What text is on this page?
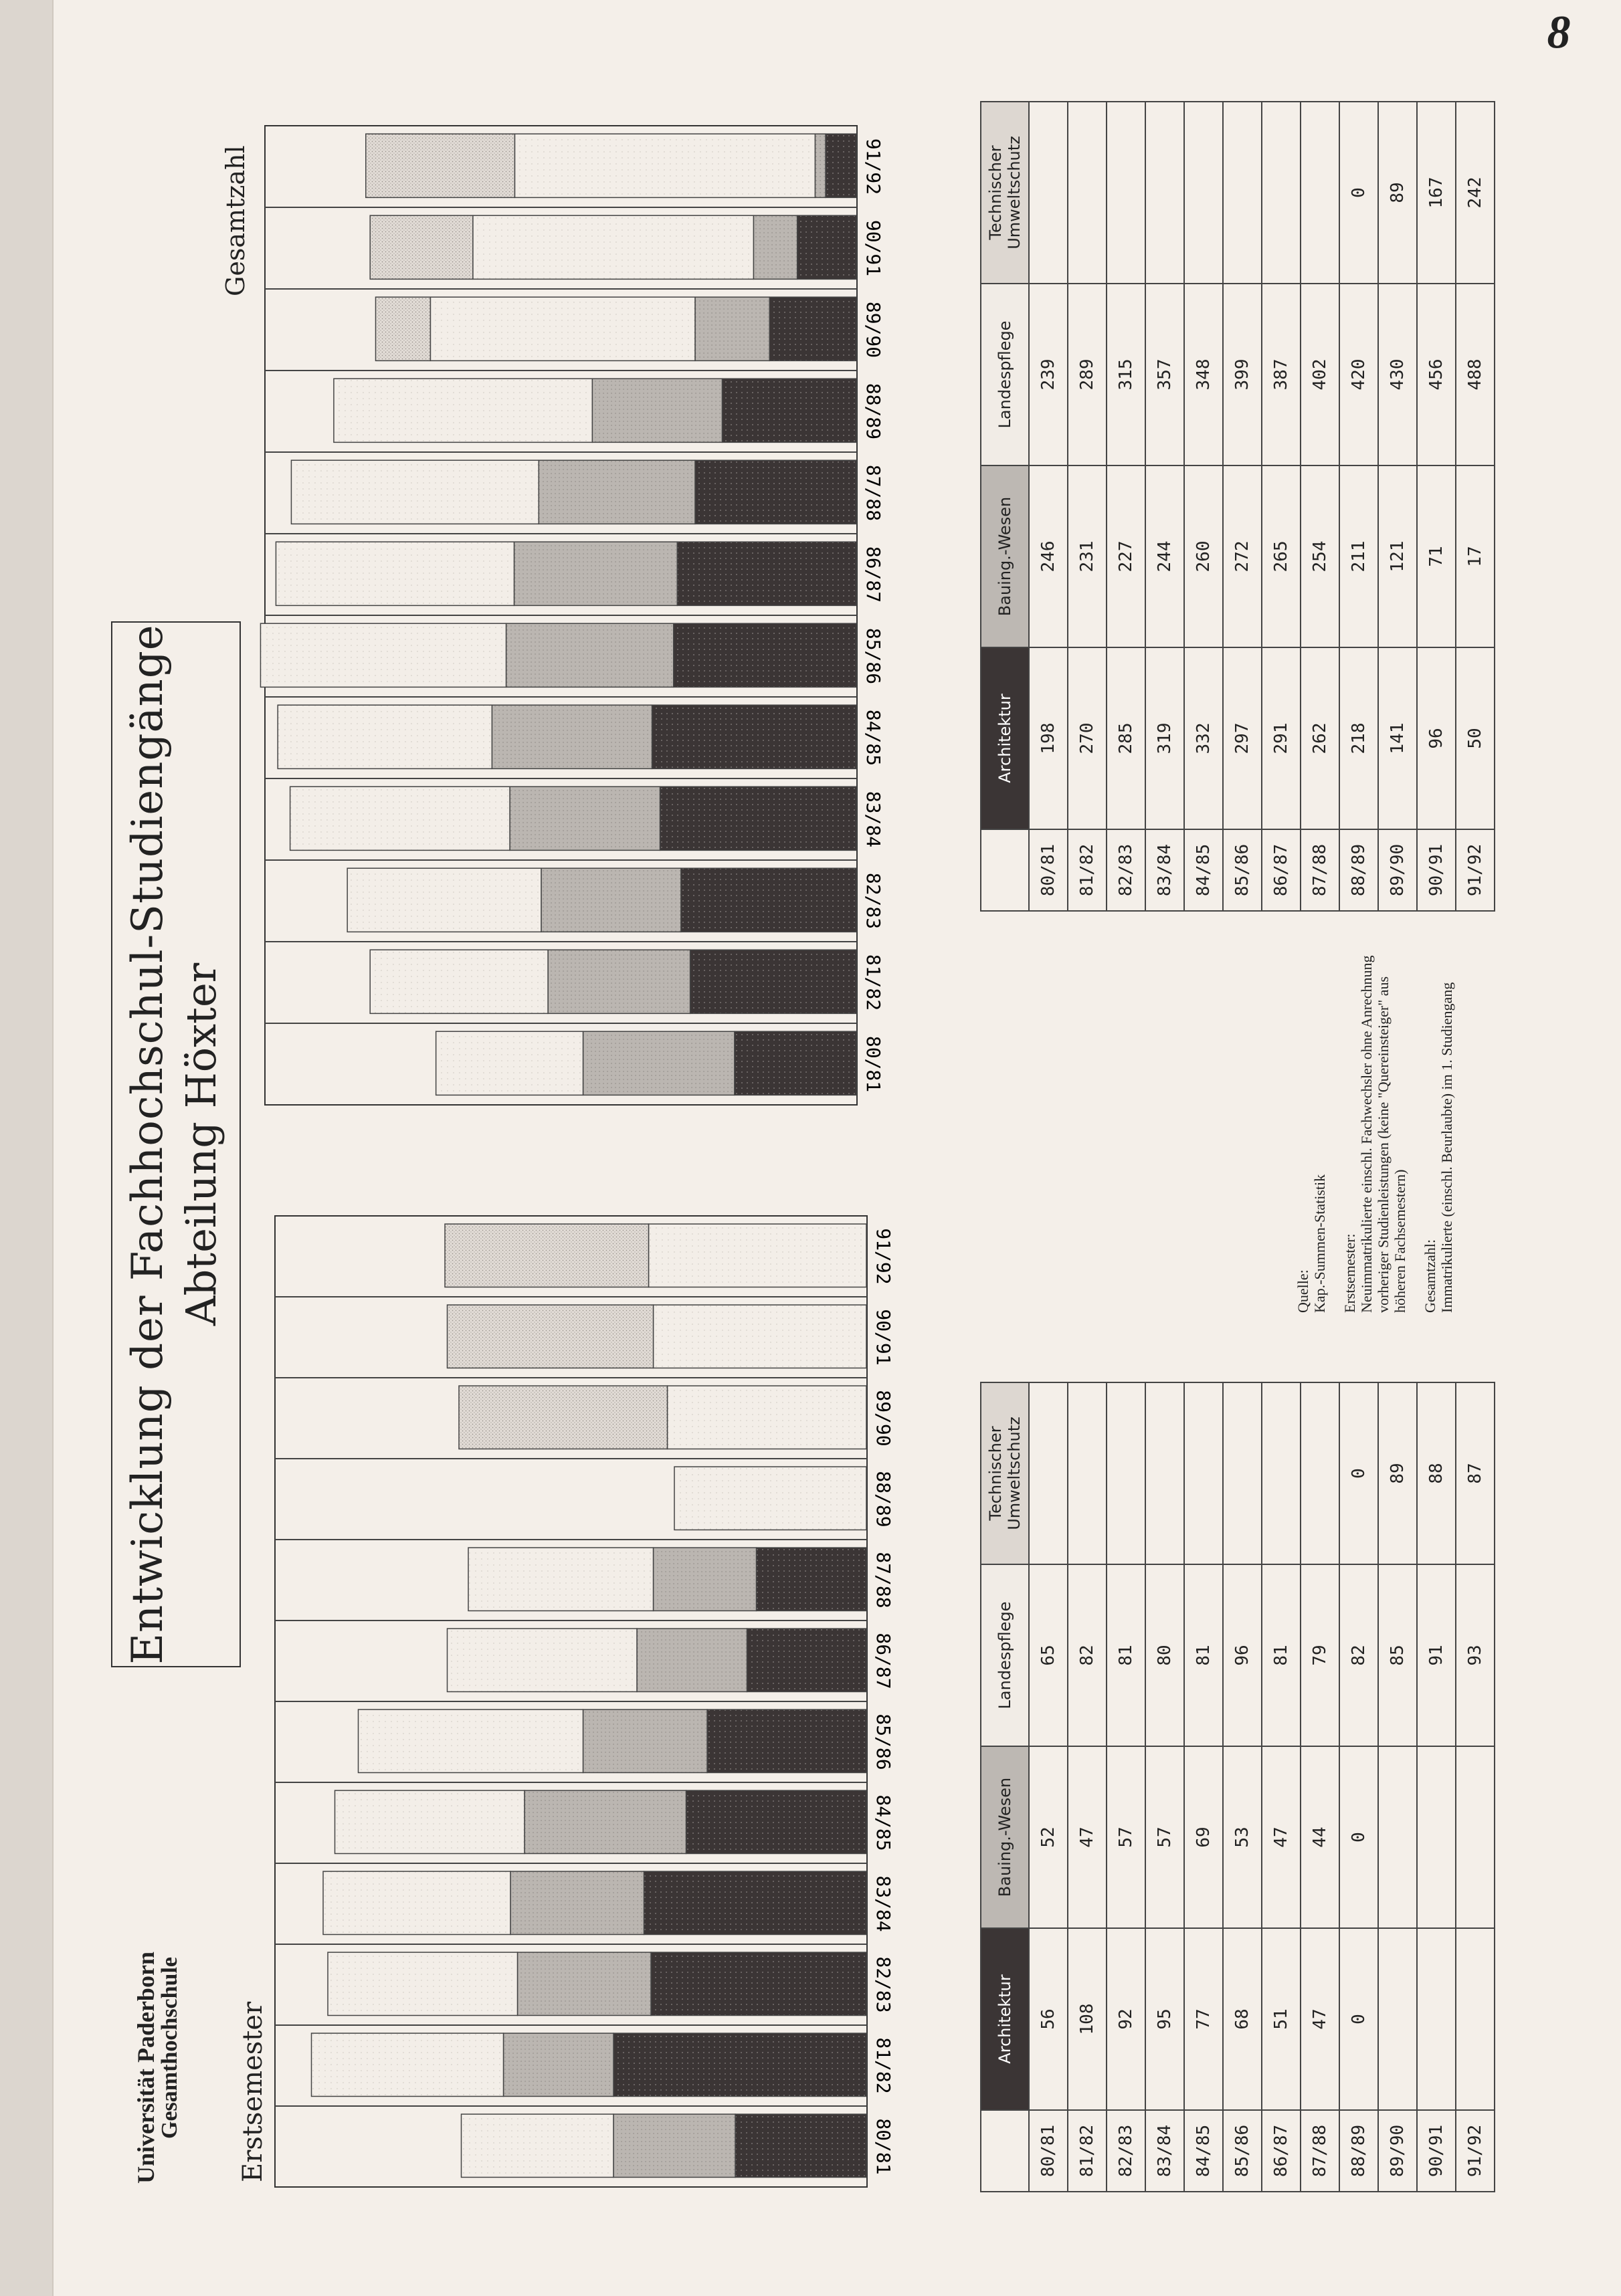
Universität Paderborn
Gesamthochschule
Entwicklung der Fachhochschul-Studiengänge Abteilung Höxter
Erstsemester
Gesamtzahl
80/81
81/82
82/83
83/84
84/85
85/86
86/87
87/88
88/89
89/90
90/91
91/92
80/81
81/82
82/83
83/84
84/85
85/86
86/87
87/88
88/89
89/90
90/91
91/92
	Architektur	Bauing.-Wesen	Landespflege	Technischer
Umweltschutz
80/81	56	52	65	
81/82	108	47	82	
82/83	92	57	81	
83/84	95	57	80	
84/85	77	69	81	
85/86	68	53	96	
86/87	51	47	81	
87/88	47	44	79	
88/89	0	0	82	0
89/90			85	89
90/91			91	88
91/92			93	87
	Architektur	Bauing.-Wesen	Landespflege	Technischer
Umweltschutz
80/81	198	246	239	
81/82	270	231	289	
82/83	285	227	315	
83/84	319	244	357	
84/85	332	260	348	
85/86	297	272	399	
86/87	291	265	387	
87/88	262	254	402	
88/89	218	211	420	0
89/90	141	121	430	89
90/91	96	71	456	167
91/92	50	17	488	242

Quelle:
Kap.-Summen-Statistik Erstsemester:
Neuimmatrikulierte einschl. Fachwechsler ohne Anrechnung vorheriger Studienleistungen (keine "Quereinsteiger" aus höheren Fachsemestern) Gesamtzahl:
Immatrikulierte (einschl. Beurlaubte) im 1. Studiengang

8
